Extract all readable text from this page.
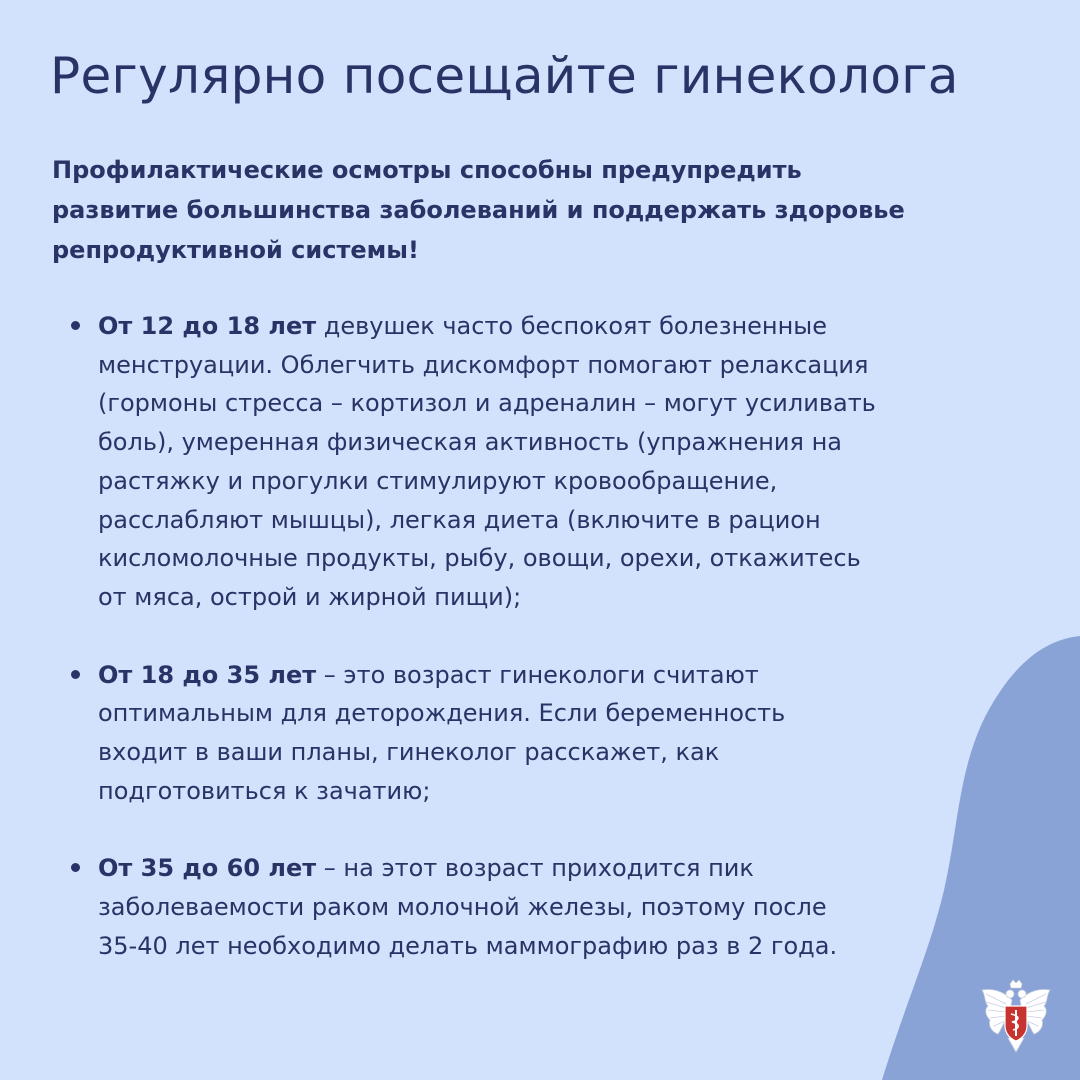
Регулярно посещайте гинеколога

Профилактические осмотры способны предупредить
развитие большинства заболеваний и поддержать здоровье
репродуктивной системы!

От 12 до 18 лет девушек часто беспокоят болезненные
менструации. Облегчить дискомфорт помогают релаксация
(гормоны стресса – кортизол и адреналин – могут усиливать
боль), умеренная физическая активность (упражнения на
растяжку и прогулки стимулируют кровообращение,
расслабляют мышцы), легкая диета (включите в рацион
кисломолочные продукты, рыбу, овощи, орехи, откажитесь
от мяса, острой и жирной пищи);
От 18 до 35 лет – это возраст гинекологи считают
оптимальным для деторождения. Если беременность
входит в ваши планы, гинеколог расскажет, как
подготовиться к зачатию;
От 35 до 60 лет – на этот возраст приходится пик
заболеваемости раком молочной железы, поэтому после
35-40 лет необходимо делать маммографию раз в 2 года.
